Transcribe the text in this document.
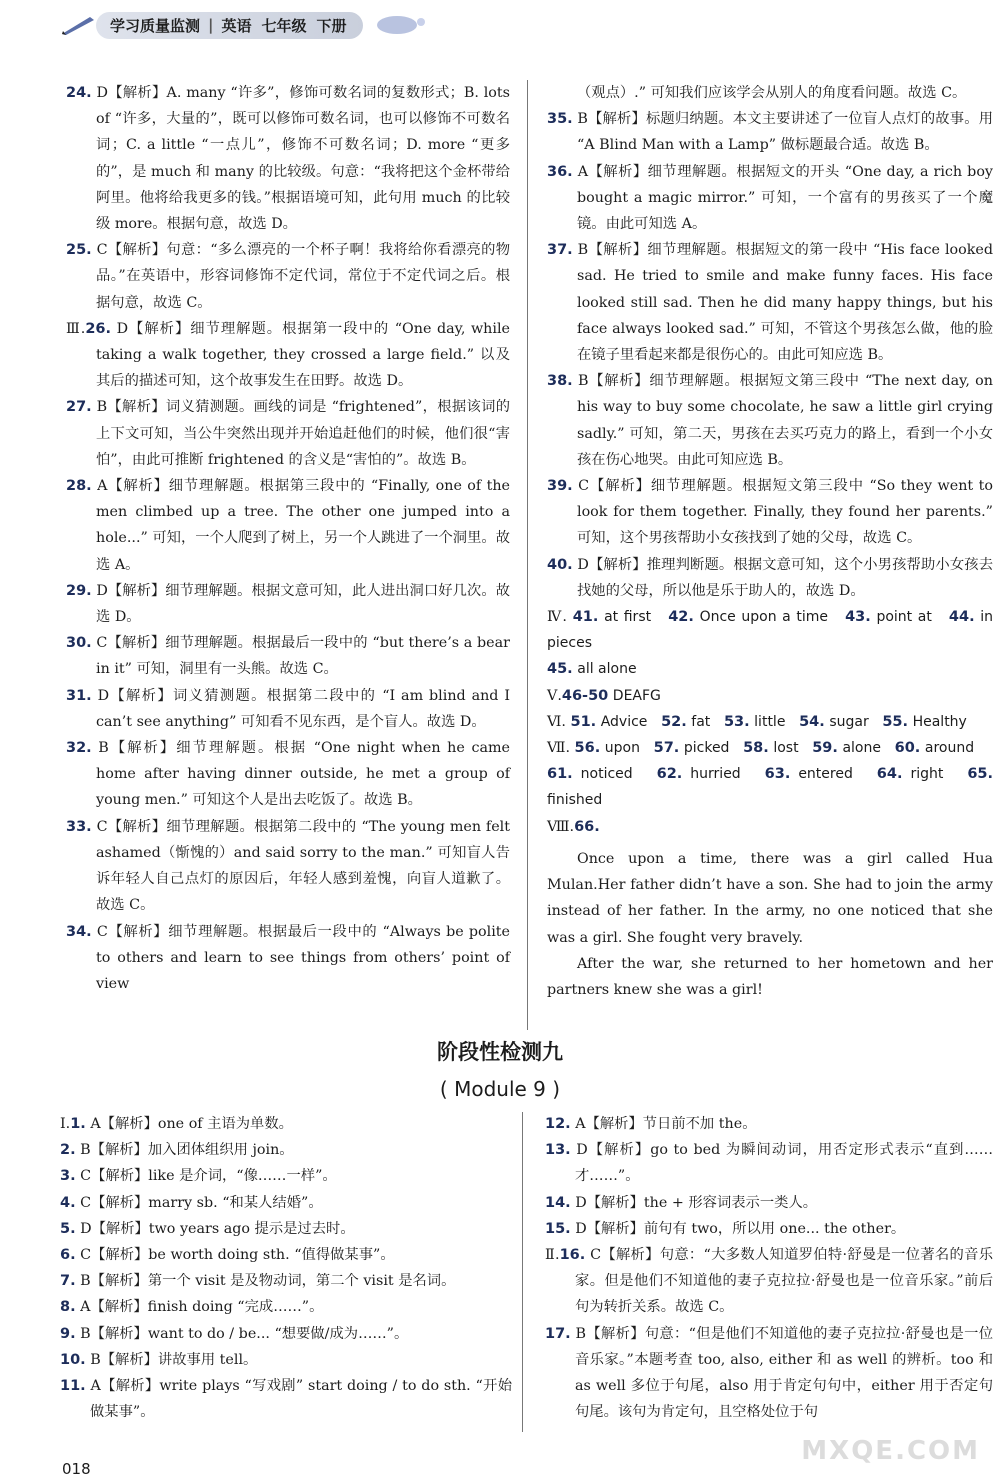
学习质量监测 | 英语 七年级 下册
24. D【解析】A. many “许多”，修饰可数名词的复数形式；B. lots of “许多，大量的”，既可以修饰可数名词，也可以修饰不可数名词；C. a little “一点儿”，修饰不可数名词；D. more “更多的”，是 much 和 many 的比较级。句意：“我将把这个金杯带给阿里。他将给我更多的钱。”根据语境可知，此句用 much 的比较级 more。根据句意，故选 D。
25. C【解析】句意：“多么漂亮的一个杯子啊！我将给你看漂亮的物品。”在英语中，形容词修饰不定代词，常位于不定代词之后。根据句意，故选 C。
Ⅲ.26. D【解析】细节理解题。根据第一段中的 “One day, while taking a walk together, they crossed a large field.” 以及其后的描述可知，这个故事发生在田野。故选 D。
27. B【解析】词义猜测题。画线的词是 “frightened”，根据该词的上下文可知，当公牛突然出现并开始追赶他们的时候，他们很“害怕”，由此可推断 frightened 的含义是“害怕的”。故选 B。
28. A【解析】细节理解题。根据第三段中的 “Finally, one of the men climbed up a tree. The other one jumped into a hole...” 可知，一个人爬到了树上，另一个人跳进了一个洞里。故选 A。
29. D【解析】细节理解题。根据文意可知，此人进出洞口好几次。故选 D。
30. C【解析】细节理解题。根据最后一段中的 “but there’s a bear in it” 可知，洞里有一头熊。故选 C。
31. D【解析】词义猜测题。根据第二段中的 “I am blind and I can’t see anything” 可知看不见东西，是个盲人。故选 D。
32. B【解析】细节理解题。根据 “One night when he came home after having dinner outside, he met a group of young men.” 可知这个人是出去吃饭了。故选 B。
33. C【解析】细节理解题。根据第二段中的 “The young men felt ashamed（惭愧的）and said sorry to the man.” 可知盲人告诉年轻人自己点灯的原因后，年轻人感到羞愧，向盲人道歉了。故选 C。
34. C【解析】细节理解题。根据最后一段中的 “Always be polite to others and learn to see things from others’ point of view
（观点）.” 可知我们应该学会从别人的角度看问题。故选 C。
35. B【解析】标题归纳题。本文主要讲述了一位盲人点灯的故事。用 “A Blind Man with a Lamp” 做标题最合适。故选 B。
36. A【解析】细节理解题。根据短文的开头 “One day, a rich boy bought a magic mirror.” 可知，一个富有的男孩买了一个魔镜。由此可知选 A。
37. B【解析】细节理解题。根据短文的第一段中 “His face looked sad. He tried to smile and make funny faces. His face looked still sad. Then he did many happy things, but his face always looked sad.” 可知，不管这个男孩怎么做，他的脸在镜子里看起来都是很伤心的。由此可知应选 B。
38. B【解析】细节理解题。根据短文第三段中 “The next day, on his way to buy some chocolate, he saw a little girl crying sadly.” 可知，第二天，男孩在去买巧克力的路上，看到一个小女孩在伤心地哭。由此可知应选 B。
39. C【解析】细节理解题。根据短文第三段中 “So they went to look for them together. Finally, they found her parents.” 可知，这个男孩帮助小女孩找到了她的父母，故选 C。
40. D【解析】推理判断题。根据文意可知，这个小男孩帮助小女孩去找她的父母，所以他是乐于助人的，故选 D。
Ⅳ. 41. at first 42. Once upon a time 43. point at 44. in pieces
45. all alone
Ⅴ.46-50 DEAFG
Ⅵ. 51. Advice 52. fat 53. little 54. sugar 55. Healthy
Ⅶ. 56. upon 57. picked 58. lost 59. alone 60. around
61. noticed 62. hurried 63. entered 64. right 65. finished
Ⅷ.66.

Once upon a time, there was a girl called Hua Mulan.Her father didn’t have a son. She had to join the army instead of her father. In the army, no one noticed that she was a girl. She fought very bravely.

After the war, she returned to her hometown and her partners knew she was a girl!

阶段性检测九
( Module 9 )
Ⅰ.1. A【解析】one of 主语为单数。
2. B【解析】加入团体组织用 join。
3. C【解析】like 是介词，“像……一样”。
4. C【解析】marry sb. “和某人结婚”。
5. D【解析】two years ago 提示是过去时。
6. C【解析】be worth doing sth. “值得做某事”。
7. B【解析】第一个 visit 是及物动词，第二个 visit 是名词。
8. A【解析】finish doing “完成……”。
9. B【解析】want to do / be... “想要做/成为……”。
10. B【解析】讲故事用 tell。
11. A【解析】write plays “写戏剧” start doing / to do sth. “开始做某事”。
12. A【解析】节日前不加 the。
13. D【解析】go to bed 为瞬间动词，用否定形式表示“直到……才……”。
14. D【解析】the + 形容词表示一类人。
15. D【解析】前句有 two，所以用 one... the other。
Ⅱ.16. C【解析】句意：“大多数人知道罗伯特·舒曼是一位著名的音乐家。但是他们不知道他的妻子克拉拉·舒曼也是一位音乐家。”前后句为转折关系。故选 C。
17. B【解析】句意：“但是他们不知道他的妻子克拉拉·舒曼也是一位音乐家。”本题考查 too, also, either 和 as well 的辨析。too 和 as well 多位于句尾，also 用于肯定句句中，either 用于否定句句尾。该句为肯定句，且空格处位于句
018
MXQE.COM
